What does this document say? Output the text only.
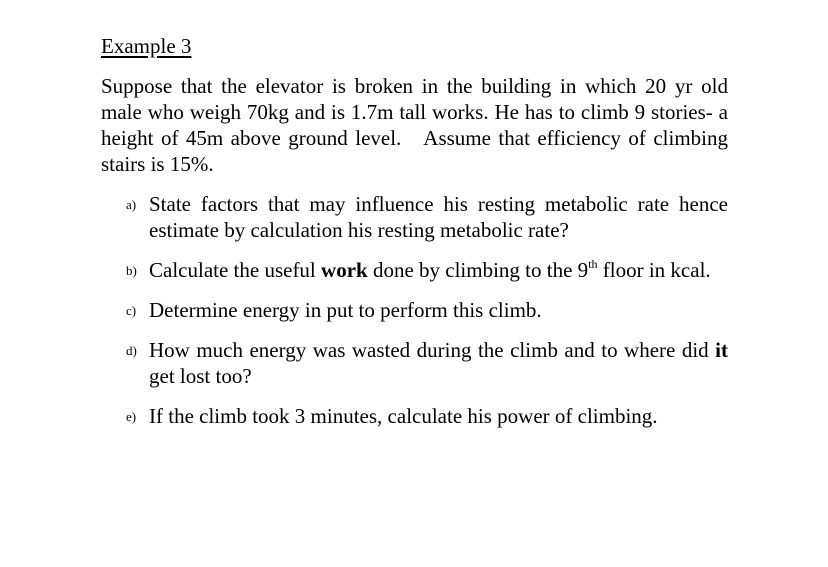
Example 3

Suppose that the elevator is broken in the building in which 20 yr old male who weigh 70kg and is 1.7m tall works. He has to climb 9 stories- a height of 45m above ground level. Assume that efficiency of climbing stairs is 15%.

a) State factors that may influence his resting metabolic rate hence estimate by calculation his resting metabolic rate?
b) Calculate the useful work done by climbing to the 9th floor in kcal.
c) Determine energy in put to perform this climb.
d) How much energy was wasted during the climb and to where did it get lost too?
e) If the climb took 3 minutes, calculate his power of climbing.
